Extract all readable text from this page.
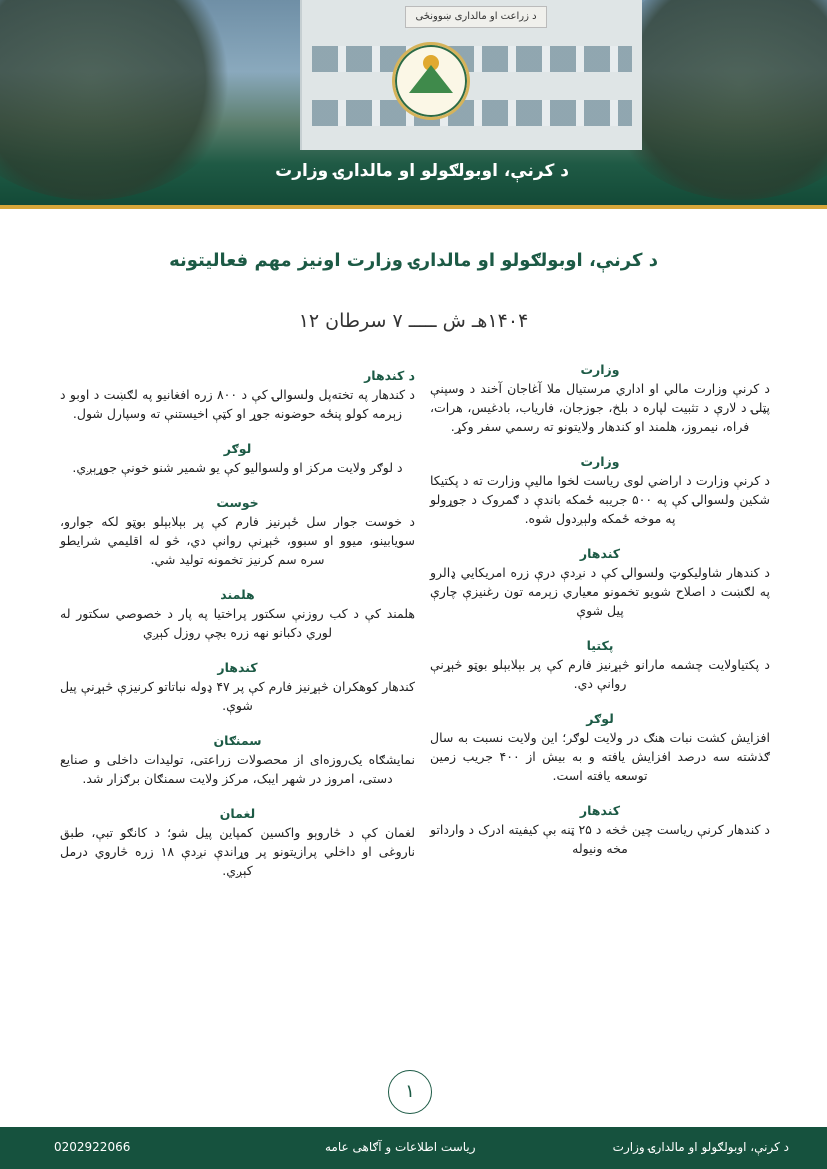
د زراعت او مالداری ښوونځی
د کرنې، اوبولګولو او مالدارۍ وزارت
د کرنې، اوبولګولو او مالدارۍ وزارت اونیز مهم فعالیتونه
۱۴۰۴هـ ش ـــــ ۷ سرطان ۱۲
د کندهار
د کندهار په تخته‌پل ولسوالۍ کې د ۸۰۰ زره افغانیو په لګښت د اوبو د زېرمه کولو پنځه حوضونه جوړ او کټې اخیستنې ته وسپارل شول.
لوګر
د لوګر ولایت مرکز او ولسوالیو کې یو شمیر شنو خونې جوړېږي.
خوست
د خوست جوار سل ځېرنیز فارم کې پر بېلابېلو بوټو لکه جوارو، سویابینو، میوو او سبوو، څېړنې روانې دي، څو له اقلیمي شرایطو سره سم کرنيز تخمونه تولید شي.
هلمند
هلمند کې د کب روزنې سکتور پراختیا په پار د خصوصي سکتور له لوري دکبانو نهه زره بچې روزل کېږي
کندهار
کندهار کوهکران څېړنیز فارم کې پر ۴۷ ډوله نباتاتو کرنيزې څېړنې پیل شوې.
سمنګان
نمایشګاه یک‌روزه‌ای از محصولات زراعتی، تولیدات داخلی و صنایع دستی، امروز در شهر ایبک، مرکز ولایت سمنګان برګزار شد.
لغمان
لغمان کې د څاروېو واکسین کمپاین پیل شو؛ د کانګو تبې، طبق ناروغی او داخلي پرازیتونو پر وړاندې نږدې ۱۸ زره څاروي درمل کېږي.
وزارت
د کرنې وزارت مالي او اداري مرستیال ملا آغاجان آخند د وسپنې پټلۍ د لارې د تثبیت لپاره د بلخ، جوزجان، فاریاب، بادغیس، هرات، فراه، نیمروز، هلمند او کندهار ولایتونو ته رسمي سفر وکړ.
وزارت
د کرنې وزارت د اراضي لوی ریاست لخوا مالیې وزارت ته د پکتیکا شکین ولسوالۍ کې په ۵۰۰ جریبه ځمکه باندې د ګمروک د جوړولو په موخه ځمکه ولېږدول شوه.
کندهار
د کندهار شاولیکوټ ولسوالۍ کې د نږدې درې زره امریکایي ډالرو په لګښت د اصلاح شویو تخمونو معیاري زېرمه تون رغنيزې چارې پیل شوې
پکتیا
د پکتیاولایت چشمه مارانو څېړنیز فارم کې پر بېلابېلو بوټو څېړنې روانې دي.
لوګر
افزایش کشت نبات هنګ در ولایت لوګر؛ این ولایت نسبت به سال ګذشته سه درصد افزایش یافته و به بیش از ۴۰۰ جریب زمین توسعه یافته است.
کندهار
د کندهار کرنې ریاست چین څخه د ۲۵ ټنه بې کیفیته ادرک د وارداتو مخه ونیوله
۱
د کرنې، اوبولګولو او مالدارۍ وزارت
ریاست اطلاعات و آګاهی عامه
0202922066
